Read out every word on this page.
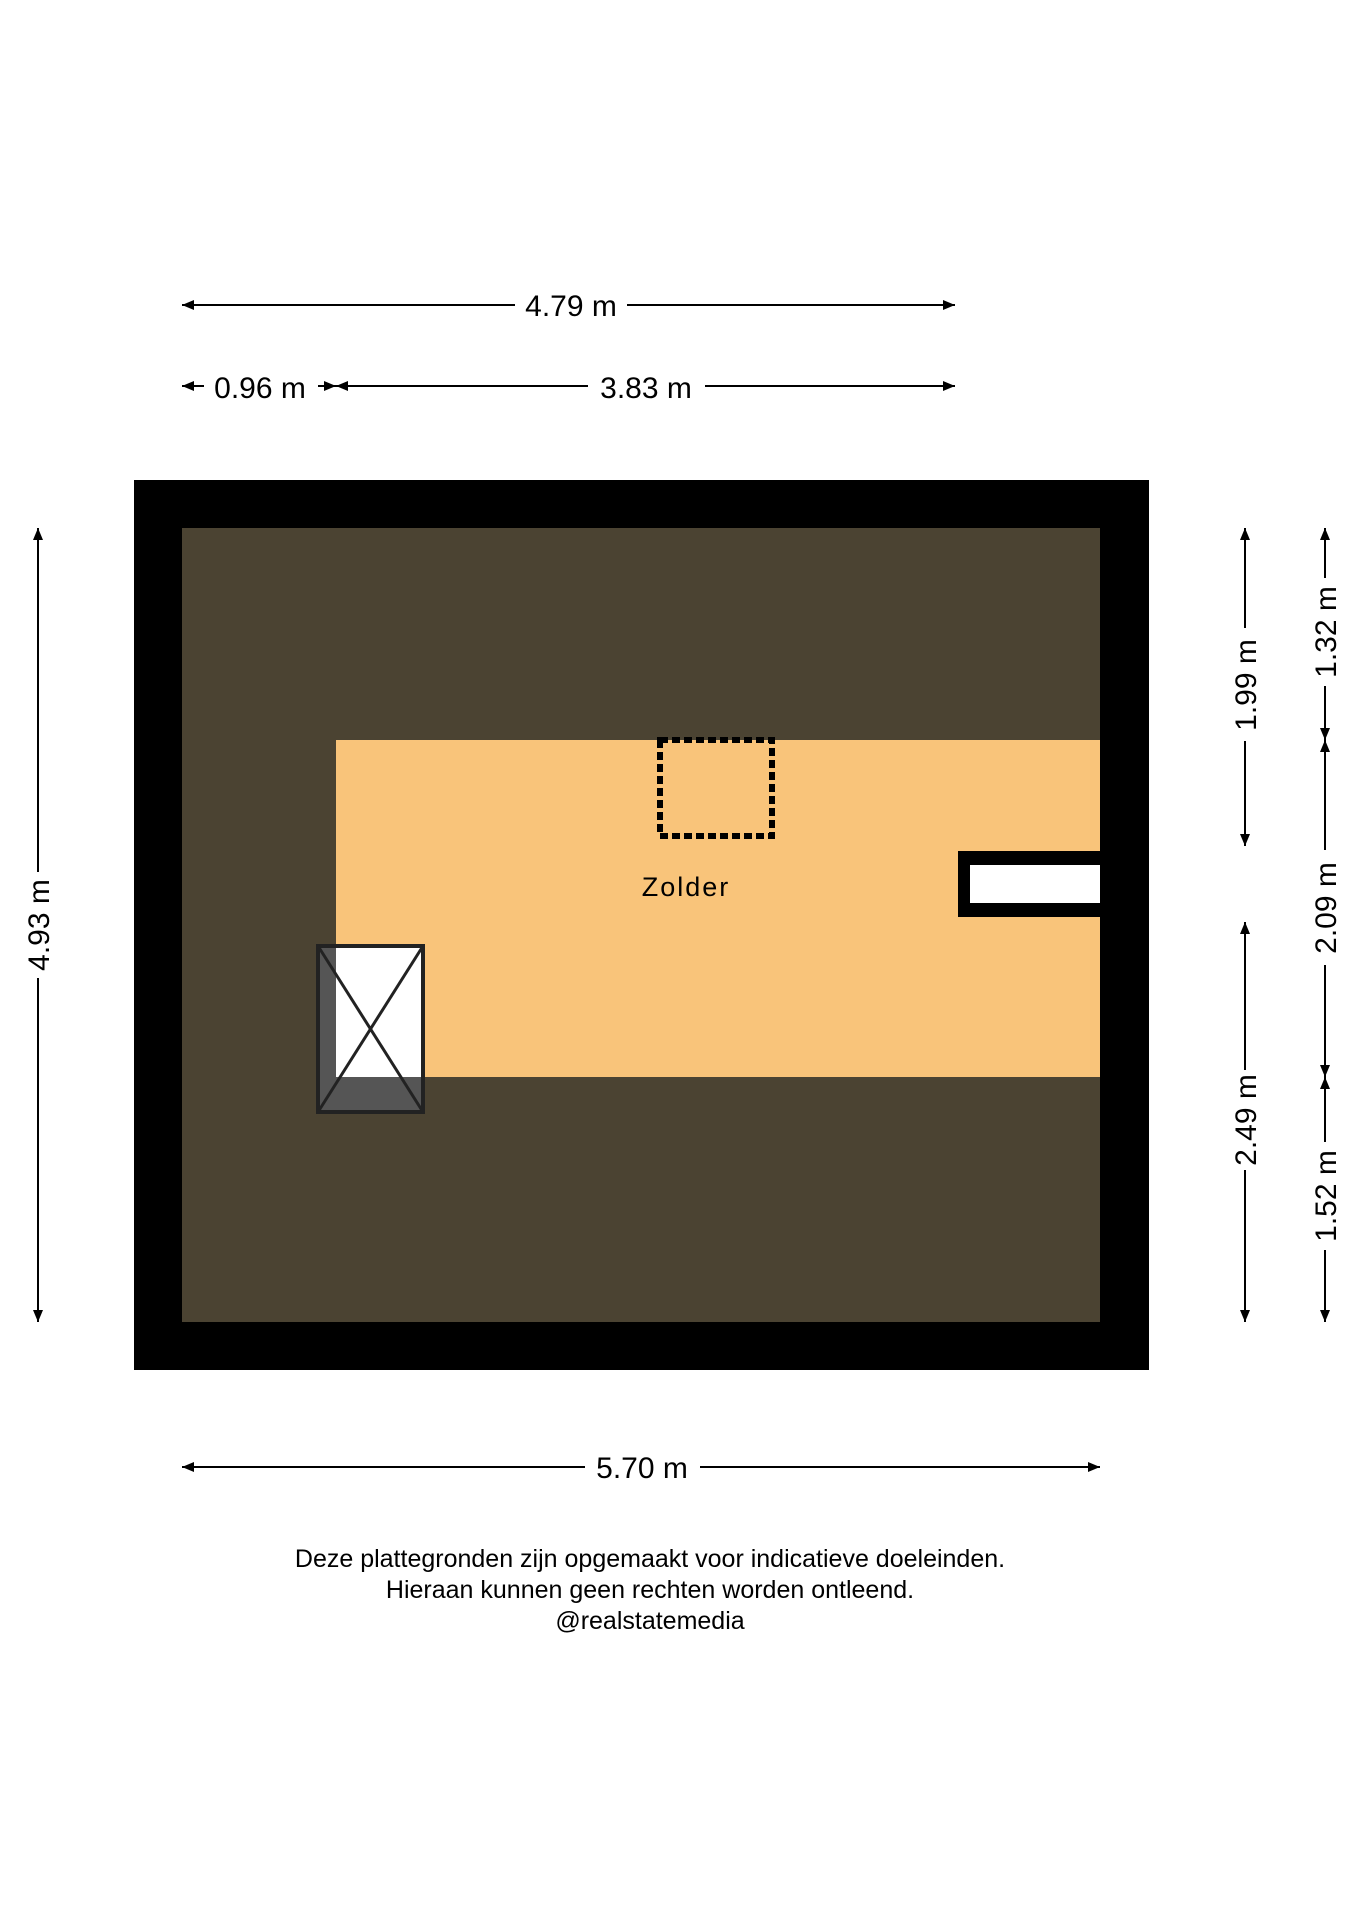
Zolder
4.79 m
0.96 m	3.83 m
5.70 m
4.93 m
1.99 m
2.49 m
1.32 m
2.09 m
1.52 m
Deze plattegronden zijn opgemaakt voor indicatieve doeleinden.
Hieraan kunnen geen rechten worden ontleend.
@realstatemedia
